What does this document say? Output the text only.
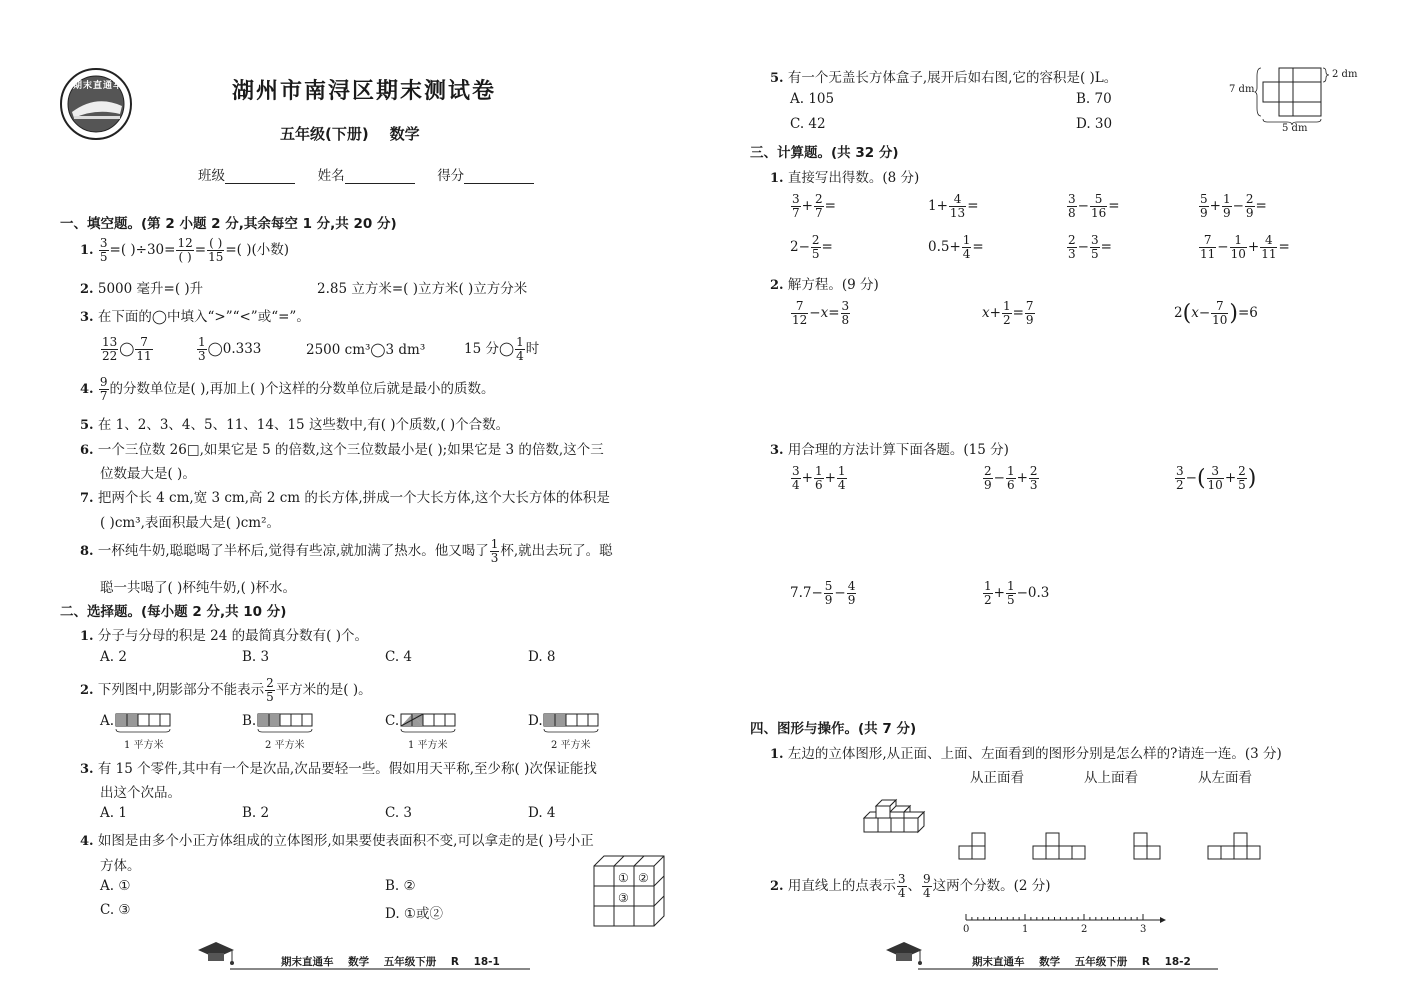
期末直通车	湖州市南浔区期末测试卷
五年级(下册)    数学
班级	姓名	得分
一、填空题。(第 2 小题 2 分,其余每空 1 分,共 20 分)
1. $\frac{3}{5}$ =( )$\div 30= \frac{12}{( )} = \frac{( )}{15}$ =( )(小数)
2. 5000 毫升=( )升	2.85 立方米=( )立方米( )立方分米
3. 在下面的◯中填入“>”“<”或“=”。
$\frac{13}{22}$ ◯ $\frac{7}{11}$	$\frac{1}{3}$ ◯0.333	2500 cm³◯3 dm³	15 分◯ $\frac{1}{4}$ 时
4. $\frac{9}{7}$ 的分数单位是( ),再加上( )个这样的分数单位后就是最小的质数。
5. 在 1、2、3、4、5、11、14、15 这些数中,有( )个质数,( )个合数。
6. 一个三位数 26□,如果它是 5 的倍数,这个三位数最小是( );如果它是 3 的倍数,这个三
位数最大是( )。
7. 把两个长 4 cm,宽 3 cm,高 2 cm 的长方体,拼成一个大长方体,这个大长方体的体积是
( )cm³,表面积最大是( )cm²。
8. 一杯纯牛奶,聪聪喝了半杯后,觉得有些凉,就加满了热水。他又喝了 $\frac{1}{3}$ 杯,就出去玩了。聪
聪一共喝了( )杯纯牛奶,( )杯水。
二、选择题。(每小题 2 分,共 10 分)
1. 分子与分母的积是 24 的最简真分数有( )个。
A. 2	B. 3	C. 4	D. 8
2. 下列图中,阴影部分不能表示 $\frac{2}{5}$ 平方米的是( )。
A.	B.	C.	D.
1 平方米	2 平方米	1 平方米	2 平方米
3. 有 15 个零件,其中有一个是次品,次品要轻一些。假如用天平称,至少称( )次保证能找
出这个次品。
A. 1	B. 2	C. 3	D. 4
4. 如图是由多个小正方体组成的立体图形,如果要使表面积不变,可以拿走的是( )号小正
方体。
A. ①	B. ②
C. ③	D. ①或②
① ②
③
期末直通车    数学    五年级下册    R    18-1
5. 有一个无盖长方体盒子,展开后如右图,它的容积是( )L。
A. 105	B. 70
C. 42	D. 30
7 dm
2 dm
5 dm
三、计算题。(共 32 分)
1. 直接写出得数。(8 分)
$\frac{3}{7} + \frac{2}{7}$ =	$1+ \frac{4}{13}$ =	$\frac{3}{8} - \frac{5}{16}$ =	$\frac{5}{9} + \frac{1}{9} - \frac{2}{9}$ =
$2- \frac{2}{5}$ =	$0.5+ \frac{1}{4}$ =	$\frac{2}{3} - \frac{3}{5}$ =	$\frac{7}{11} - \frac{1}{10} + \frac{4}{11}$ =
2. 解方程。(9 分)
$\frac{7}{12} -x= \frac{3}{8}$	$x+ \frac{1}{2} = \frac{7}{9}$	$2(x- \frac{7}{10} )=6$
3. 用合理的方法计算下面各题。(15 分)
$\frac{3}{4} + \frac{1}{6} + \frac{1}{4}$	$\frac{2}{9} - \frac{1}{6} + \frac{2}{3}$	$\frac{3}{2}$ −( $\frac{3}{10} + \frac{2}{5}$ )
$7.7- \frac{5}{9} - \frac{4}{9}$	$\frac{1}{2} + \frac{1}{5} -0.3$
四、图形与操作。(共 7 分)
1. 左边的立体图形,从正面、上面、左面看到的图形分别是怎么样的?请连一连。(3 分)
从正面看	从上面看	从左面看
2. 用直线上的点表示 $\frac{3}{4}$ 、 $\frac{9}{4}$ 这两个分数。(2 分)
0	1	2	3
期末直通车    数学    五年级下册    R    18-2
